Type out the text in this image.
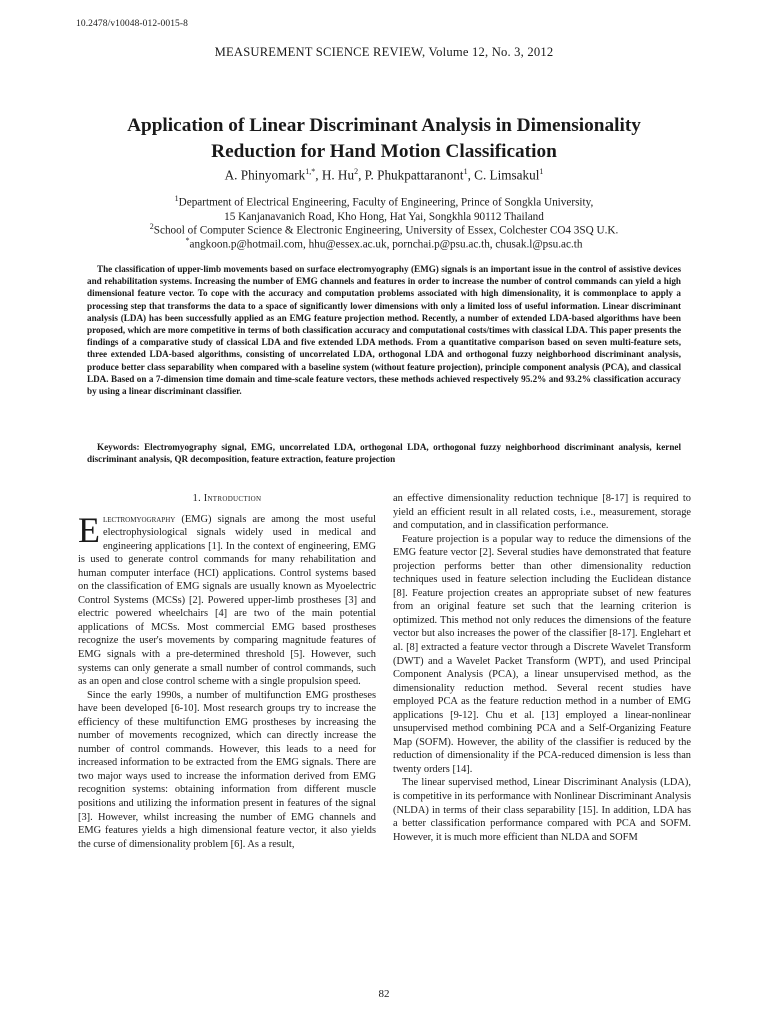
10.2478/v10048-012-0015-8
MEASUREMENT SCIENCE REVIEW, Volume 12, No. 3, 2012
Application of Linear Discriminant Analysis in Dimensionality
Reduction for Hand Motion Classification
A. Phinyomark$^{1,*}$, H. Hu$^2$, P. Phukpattaranont$^1$, C. Limsakul$^1$
$^1$Department of Electrical Engineering, Faculty of Engineering, Prince of Songkla University,
15 Kanjanavanich Road, Kho Hong, Hat Yai, Songkhla 90112 Thailand
$^2$School of Computer Science & Electronic Engineering, University of Essex, Colchester CO4 3SQ U.K.
*angkoon.p@hotmail.com, hhu@essex.ac.uk, pornchai.p@psu.ac.th, chusak.l@psu.ac.th
The classification of upper-limb movements based on surface electromyography (EMG) signals is an important issue in the control of assistive devices and rehabilitation systems. Increasing the number of EMG channels and features in order to increase the number of control commands can yield a high dimensional feature vector. To cope with the accuracy and computation problems associated with high dimensionality, it is commonplace to apply a processing step that transforms the data to a space of significantly lower dimensions with only a limited loss of useful information. Linear discriminant analysis (LDA) has been successfully applied as an EMG feature projection method. Recently, a number of extended LDA-based algorithms have been proposed, which are more competitive in terms of both classification accuracy and computational costs/times with classical LDA. This paper presents the findings of a comparative study of classical LDA and five extended LDA methods. From a quantitative comparison based on seven multi-feature sets, three extended LDA-based algorithms, consisting of uncorrelated LDA, orthogonal LDA and orthogonal fuzzy neighborhood discriminant analysis, produce better class separability when compared with a baseline system (without feature projection), principle component analysis (PCA), and classical LDA. Based on a 7-dimension time domain and time-scale feature vectors, these methods achieved respectively 95.2% and 93.2% classification accuracy by using a linear discriminant classifier.
Keywords: Electromyography signal, EMG, uncorrelated LDA, orthogonal LDA, orthogonal fuzzy neighborhood discriminant analysis, kernel discriminant analysis, QR decomposition, feature extraction, feature projection
1. Introduction

Electromyography (EMG) signals are among the most useful electrophysiological signals widely used in medical and engineering applications [1]. In the context of engineering, EMG is used to generate control commands for many rehabilitation and human computer interface (HCI) applications. Control systems based on the classification of EMG signals are usually known as Myoelectric Control Systems (MCSs) [2]. Powered upper-limb prostheses [3] and electric powered wheelchairs [4] are two of the main potential applications of MCSs. Most commercial EMG based prostheses recognize the user's movements by comparing magnitude features of EMG signals with a pre-determined threshold [5]. However, such systems can only generate a small number of control commands, such as an open and close control scheme with a single propulsion speed.

Since the early 1990s, a number of multifunction EMG prostheses have been developed [6-10]. Most research groups try to increase the efficiency of these multifunction EMG prostheses by increasing the number of movements recognized, which can directly increase the number of control commands. However, this leads to a need for increased information to be extracted from the EMG signals. There are two major ways used to increase the information derived from EMG recognition systems: obtaining information from different muscle positions and utilizing the information present in features of the signal [3]. However, whilst increasing the number of EMG channels and EMG features yields a high dimensional feature vector, it also yields the curse of dimensionality problem [6]. As a result,

an effective dimensionality reduction technique [8-17] is required to yield an efficient result in all related costs, i.e., measurement, storage and computation, and in classification performance.

Feature projection is a popular way to reduce the dimensions of the EMG feature vector [2]. Several studies have demonstrated that feature projection performs better than other dimensionality reduction techniques used in feature selection including the Euclidean distance [8]. Feature projection creates an appropriate subset of new features from an original feature set such that the learning criterion is optimized. This method not only reduces the dimensions of the feature vector but also increases the power of the classifier [8-17]. Englehart et al. [8] extracted a feature vector through a Discrete Wavelet Transform (DWT) and a Wavelet Packet Transform (WPT), and used Principal Component Analysis (PCA), a linear unsupervised method, as the dimensionality reduction method. Several recent studies have employed PCA as the feature reduction method in a number of EMG applications [9-12]. Chu et al. [13] employed a linear-nonlinear unsupervised method combining PCA and a Self-Organizing Feature Map (SOFM). However, the ability of the classifier is reduced by the reduction of dimensionality if the PCA-reduced dimension is less than twenty orders [14].

The linear supervised method, Linear Discriminant Analysis (LDA), is competitive in its performance with Nonlinear Discriminant Analysis (NLDA) in terms of their class separability [15]. In addition, LDA has a better classification performance compared with PCA and SOFM. However, it is much more efficient than NLDA and SOFM

82
